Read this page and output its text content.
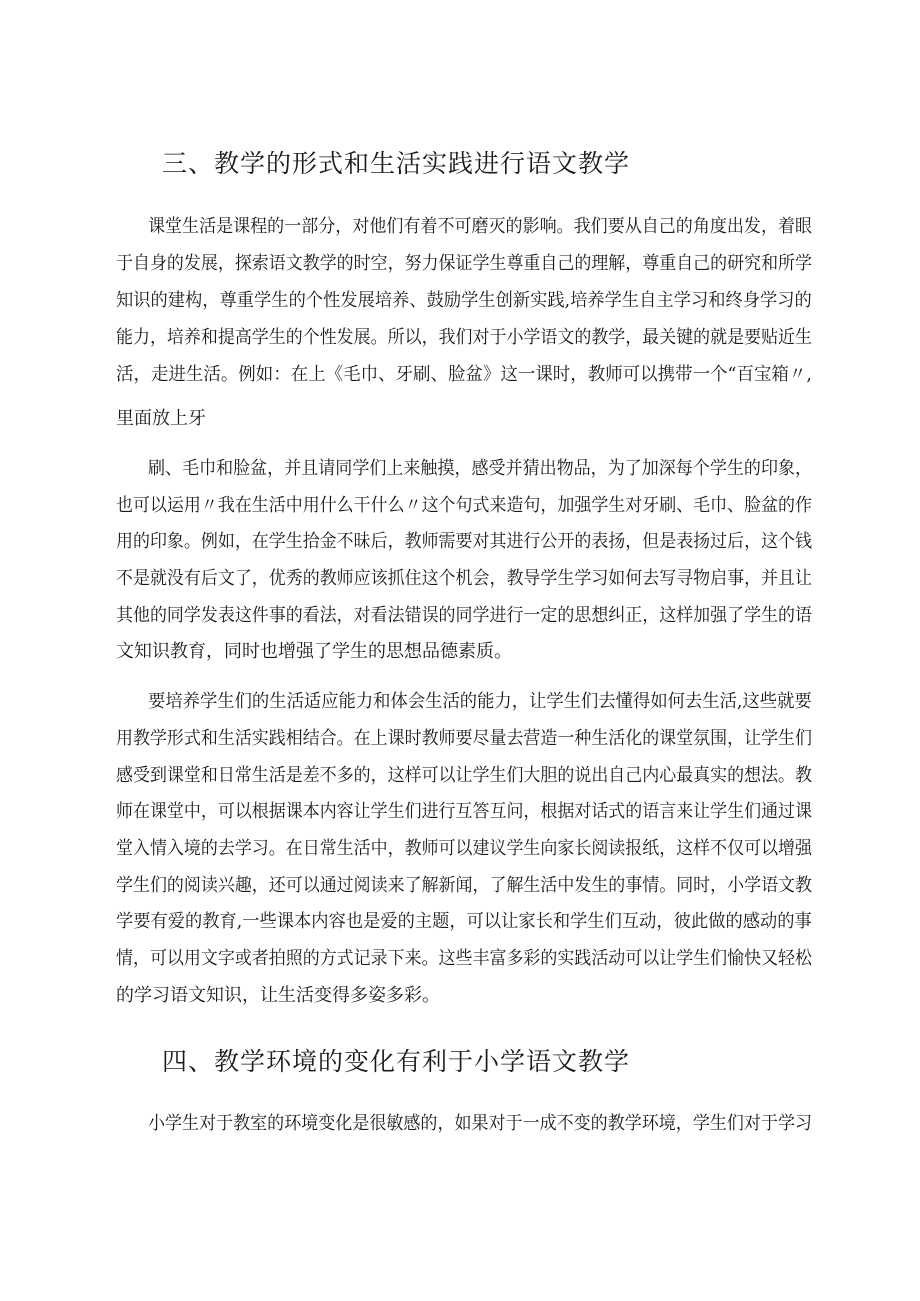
三、教学的形式和生活实践进行语文教学

课堂生活是课程的一部分，对他们有着不可磨灭的影响。我们要从自己的角度出发，着眼

于自身的发展，探索语文教学的时空，努力保证学生尊重自己的理解，尊重自己的研究和所学

知识的建构，尊重学生的个性发展培养、鼓励学生创新实践,培养学生自主学习和终身学习的

能力，培养和提高学生的个性发展。所以，我们对于小学语文的教学，最关键的就是要贴近生

活，走进生活。例如：在上《毛巾、牙刷、脸盆》这一课时，教师可以携带一个“百宝箱〃,

里面放上牙

刷、毛巾和脸盆，并且请同学们上来触摸，感受并猜出物品，为了加深每个学生的印象，

也可以运用〃我在生活中用什么干什么〃这个句式来造句，加强学生对牙刷、毛巾、脸盆的作

用的印象。例如，在学生拾金不昧后，教师需要对其进行公开的表扬，但是表扬过后，这个钱

不是就没有后文了，优秀的教师应该抓住这个机会，教导学生学习如何去写寻物启事，并且让

其他的同学发表这件事的看法，对看法错误的同学进行一定的思想纠正，这样加强了学生的语

文知识教育，同时也增强了学生的思想品德素质。

要培养学生们的生活适应能力和体会生活的能力，让学生们去懂得如何去生活,这些就要

用教学形式和生活实践相结合。在上课时教师要尽量去营造一种生活化的课堂氛围，让学生们

感受到课堂和日常生活是差不多的，这样可以让学生们大胆的说出自己内心最真实的想法。教

师在课堂中，可以根据课本内容让学生们进行互答互问，根据对话式的语言来让学生们通过课

堂入情入境的去学习。在日常生活中，教师可以建议学生向家长阅读报纸，这样不仅可以增强

学生们的阅读兴趣，还可以通过阅读来了解新闻，了解生活中发生的事情。同时，小学语文教

学要有爱的教育,一些课本内容也是爱的主题，可以让家长和学生们互动，彼此做的感动的事

情，可以用文字或者拍照的方式记录下来。这些丰富多彩的实践活动可以让学生们愉快又轻松

的学习语文知识，让生活变得多姿多彩。

四、教学环境的变化有利于小学语文教学

小学生对于教室的环境变化是很敏感的，如果对于一成不变的教学环境，学生们对于学习
